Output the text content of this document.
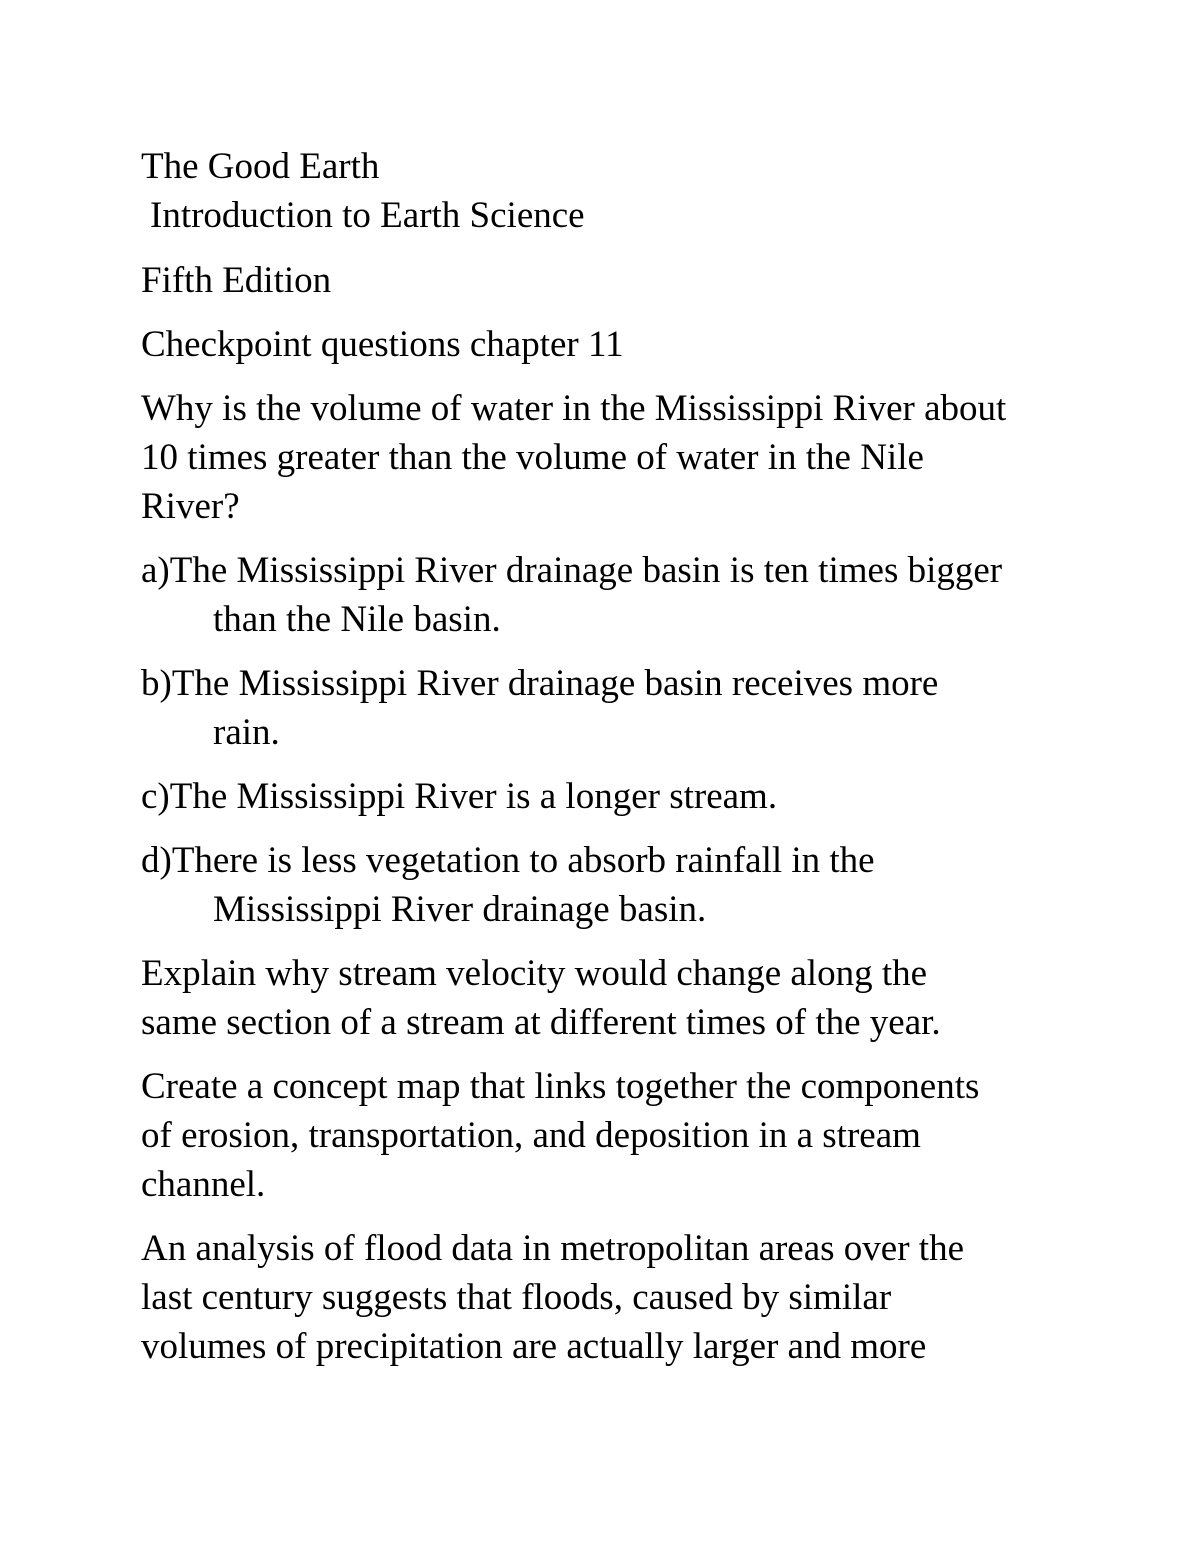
The Good Earth

Introduction to Earth Science

Fifth Edition

Checkpoint questions chapter 11

Why is the volume of water in the Mississippi River about
10 times greater than the volume of water in the Nile
River?
a)The Mississippi River drainage basin is ten times bigger
than the Nile basin.
b)The Mississippi River drainage basin receives more
rain.
c)The Mississippi River is a longer stream.
d)There is less vegetation to absorb rainfall in the
Mississippi River drainage basin.
Explain why stream velocity would change along the
same section of a stream at different times of the year.
Create a concept map that links together the components
of erosion, transportation, and deposition in a stream
channel.
An analysis of flood data in metropolitan areas over the
last century suggests that floods, caused by similar
volumes of precipitation are actually larger and more
